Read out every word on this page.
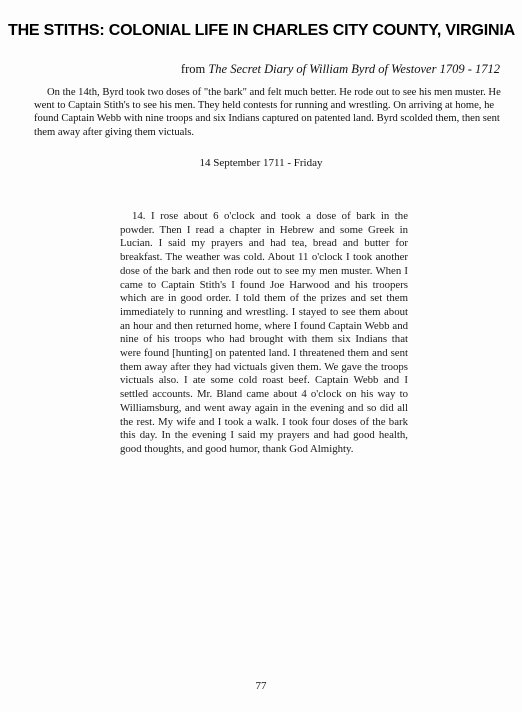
THE STITHS: COLONIAL LIFE IN CHARLES CITY COUNTY, VIRGINIA
from The Secret Diary of William Byrd of Westover 1709 - 1712

On the 14th, Byrd took two doses of "the bark" and felt much better. He rode out to see his men muster. He went to Captain Stith's to see his men. They held contests for running and wrestling. On arriving at home, he found Captain Webb with nine troops and six Indians captured on patented land. Byrd scolded them, then sent them away after giving them victuals.

14 September 1711 - Friday

14. I rose about 6 o'clock and took a dose of bark in the powder. Then I read a chapter in Hebrew and some Greek in Lucian. I said my prayers and had tea, bread and butter for breakfast. The weather was cold. About 11 o'clock I took another dose of the bark and then rode out to see my men muster. When I came to Captain Stith's I found Joe Harwood and his troopers which are in good order. I told them of the prizes and set them immediately to running and wrestling. I stayed to see them about an hour and then returned home, where I found Captain Webb and nine of his troops who had brought with them six Indians that were found [hunting] on patented land. I threatened them and sent them away after they had victuals given them. We gave the troops victuals also. I ate some cold roast beef. Captain Webb and I settled accounts. Mr. Bland came about 4 o'clock on his way to Williamsburg, and went away again in the evening and so did all the rest. My wife and I took a walk. I took four doses of the bark this day. In the evening I said my prayers and had good health, good thoughts, and good humor, thank God Almighty.

77
